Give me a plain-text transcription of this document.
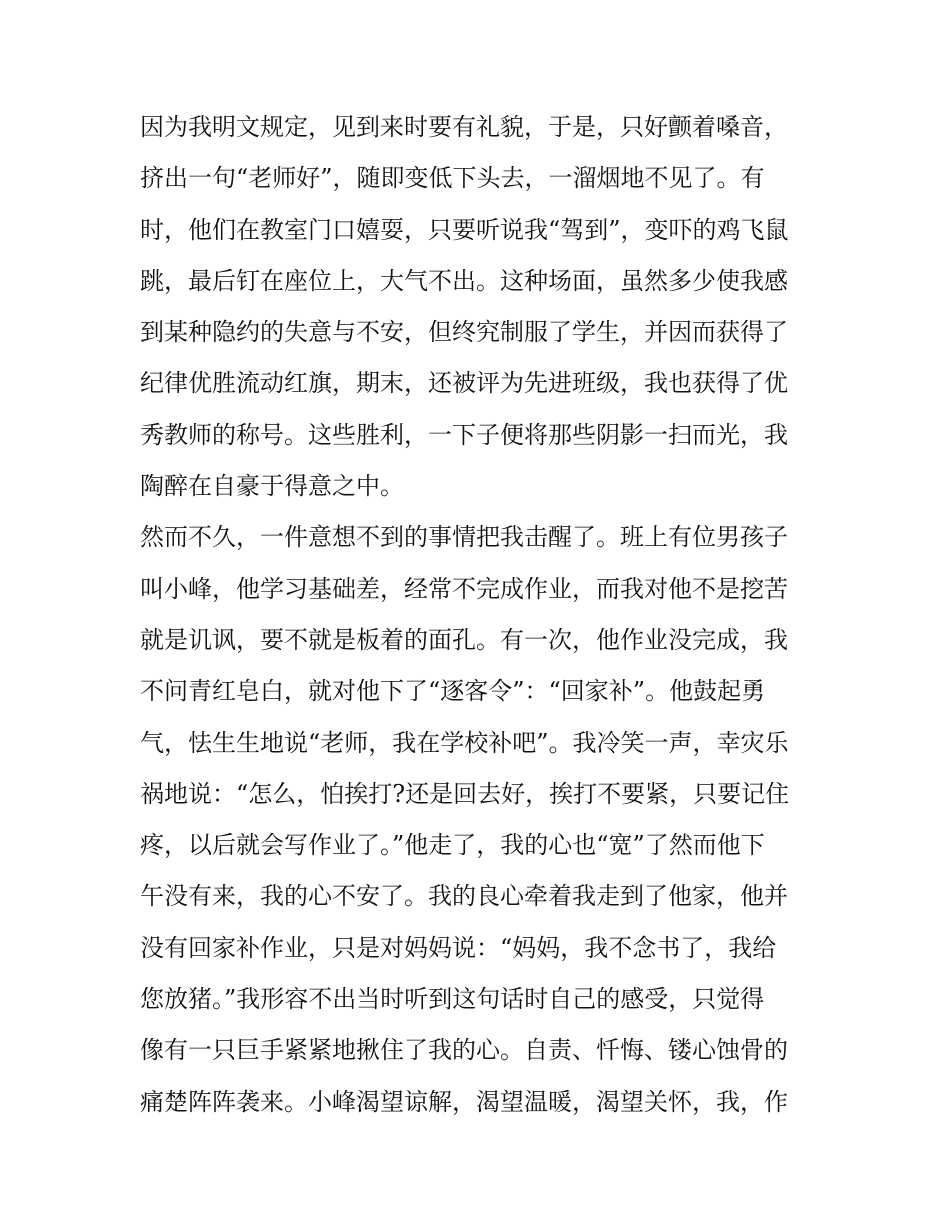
因为我明文规定，见到来时要有礼貌，于是，只好颤着嗓音，
挤出一句“老师好”，随即变低下头去，一溜烟地不见了。有
时，他们在教室门口嬉耍，只要听说我“驾到”，变吓的鸡飞鼠
跳，最后钉在座位上，大气不出。这种场面，虽然多少使我感
到某种隐约的失意与不安，但终究制服了学生，并因而获得了
纪律优胜流动红旗，期末，还被评为先进班级，我也获得了优
秀教师的称号。这些胜利，一下子便将那些阴影一扫而光，我
陶醉在自豪于得意之中。
然而不久，一件意想不到的事情把我击醒了。班上有位男孩子
叫小峰，他学习基础差，经常不完成作业，而我对他不是挖苦
就是讥讽，要不就是板着的面孔。有一次，他作业没完成，我
不问青红皂白，就对他下了“逐客令”：“回家补”。他鼓起勇
气，怯生生地说“老师，我在学校补吧”。我冷笑一声，幸灾乐
祸地说：“怎么，怕挨打?还是回去好，挨打不要紧，只要记住
疼，以后就会写作业了。”他走了，我的心也“宽”了然而他下
午没有来，我的心不安了。我的良心牵着我走到了他家，他并
没有回家补作业，只是对妈妈说：“妈妈，我不念书了，我给
您放猪。”我形容不出当时听到这句话时自己的感受，只觉得
像有一只巨手紧紧地揪住了我的心。自责、忏悔、镂心蚀骨的
痛楚阵阵袭来。小峰渴望谅解，渴望温暖，渴望关怀，我，作
